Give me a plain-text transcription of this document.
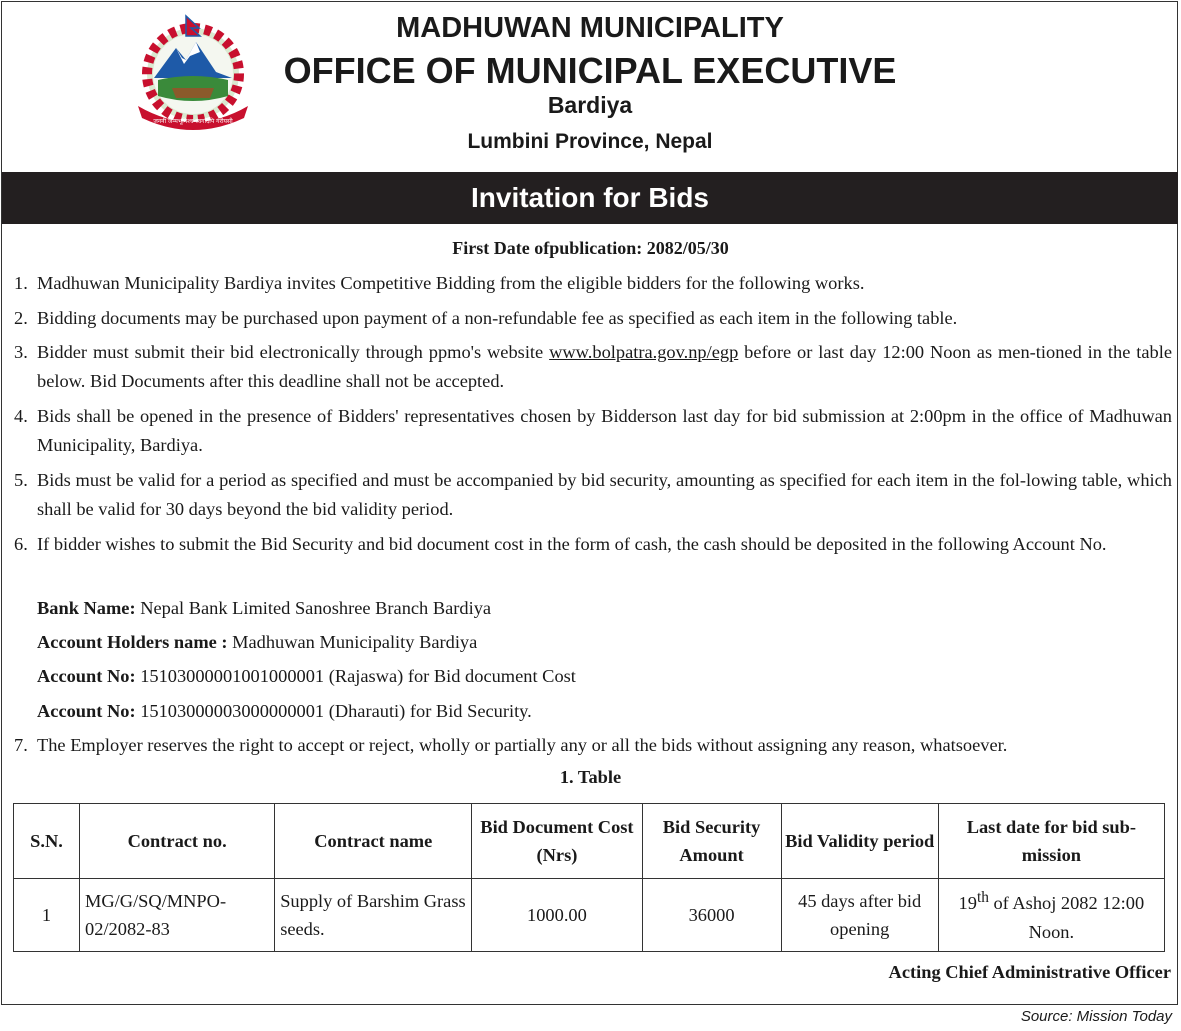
जननी जन्मभूमिश्च स्वर्गादपि गरीयसी
MADHUWAN MUNICIPALITY
OFFICE OF MUNICIPAL EXECUTIVE
Bardiya
Lumbini Province, Nepal
Invitation for Bids
First Date ofpublication: 2082/05/30
1. Madhuwan Municipality Bardiya invites Competitive Bidding from the eligible bidders for the following works.
2. Bidding documents may be purchased upon payment of a non-refundable fee as specified as each item in the following table.
3. Bidder must submit their bid electronically through ppmo's website www.bolpatra.gov.np/egp before or last day 12:00 Noon as men-tioned in the table below. Bid Documents after this deadline shall not be accepted.
4. Bids shall be opened in the presence of Bidders' representatives chosen by Bidderson last day for bid submission at 2:00pm in the office of Madhuwan Municipality, Bardiya.
5. Bids must be valid for a period as specified and must be accompanied by bid security, amounting as specified for each item in the fol-lowing table, which shall be valid for 30 days beyond the bid validity period.
6. If bidder wishes to submit the Bid Security and bid document cost in the form of cash, the cash should be deposited in the following Account No.
Bank Name: Nepal Bank Limited Sanoshree Branch Bardiya
Account Holders name : Madhuwan Municipality Bardiya
Account No: 15103000001001000001 (Rajaswa) for Bid document Cost
Account No: 15103000003000000001 (Dharauti) for Bid Security.
7. The Employer reserves the right to accept or reject, wholly or partially any or all the bids without assigning any reason, whatsoever.
1. Table
S.N.	Contract no.	Contract name	Bid Document Cost (Nrs)	Bid Security Amount	Bid Validity period	Last date for bid sub-mission
1	MG/G/SQ/MNPO-02/2082-83	Supply of Barshim Grass seeds.	1000.00	36000	45 days after bid opening	19th of Ashoj 2082 12:00 Noon.
Acting Chief Administrative Officer
Source: Mission Today
